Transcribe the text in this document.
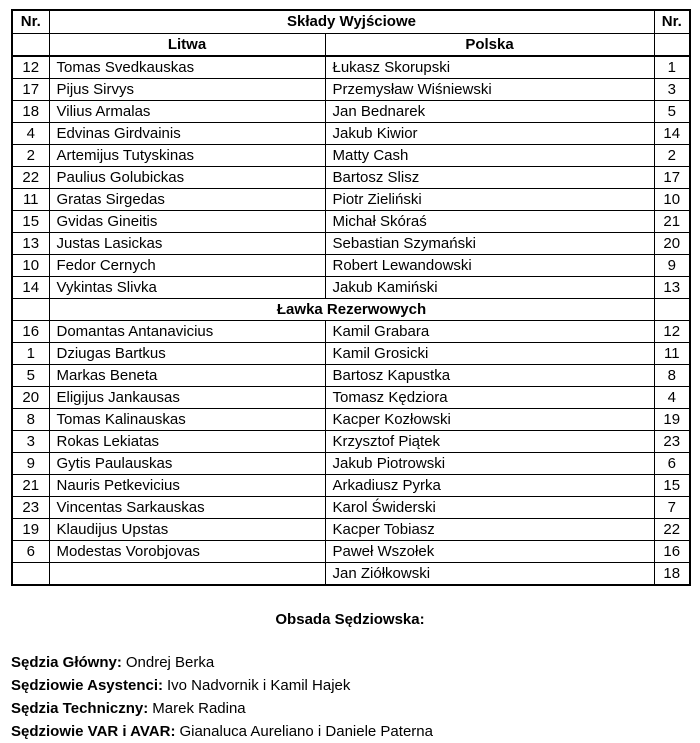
Nr.	Składy Wyjściowe		Nr.
	Litwa	Polska	
12	Tomas Svedkauskas	Łukasz Skorupski	1
17	Pijus Sirvys	Przemysław Wiśniewski	3
18	Vilius Armalas	Jan Bednarek	5
4	Edvinas Girdvainis	Jakub Kiwior	14
2	Artemijus Tutyskinas	Matty Cash	2
22	Paulius Golubickas	Bartosz Slisz	17
11	Gratas Sirgedas	Piotr Zieliński	10
15	Gvidas Gineitis	Michał Skóraś	21
13	Justas Lasickas	Sebastian Szymański	20
10	Fedor Cernych	Robert Lewandowski	9
14	Vykintas Slivka	Jakub Kamiński	13
	Ławka Rezerwowych		
16	Domantas Antanavicius	Kamil Grabara	12
1	Dziugas Bartkus	Kamil Grosicki	11
5	Markas Beneta	Bartosz Kapustka	8
20	Eligijus Jankausas	Tomasz Kędziora	4
8	Tomas Kalinauskas	Kacper Kozłowski	19
3	Rokas Lekiatas	Krzysztof Piątek	23
9	Gytis Paulauskas	Jakub Piotrowski	6
21	Nauris Petkevicius	Arkadiusz Pyrka	15
23	Vincentas Sarkauskas	Karol Świderski	7
19	Klaudijus Upstas	Kacper Tobiasz	22
6	Modestas Vorobjovas	Paweł Wszołek	16
		Jan Ziółkowski	18
Obsada Sędziowska:

Sędzia Główny: Ondrej Berka

Sędziowie Asystenci: Ivo Nadvornik i Kamil Hajek

Sędzia Techniczny: Marek Radina

Sędziowie VAR i AVAR: Gianaluca Aureliano i Daniele Paterna
